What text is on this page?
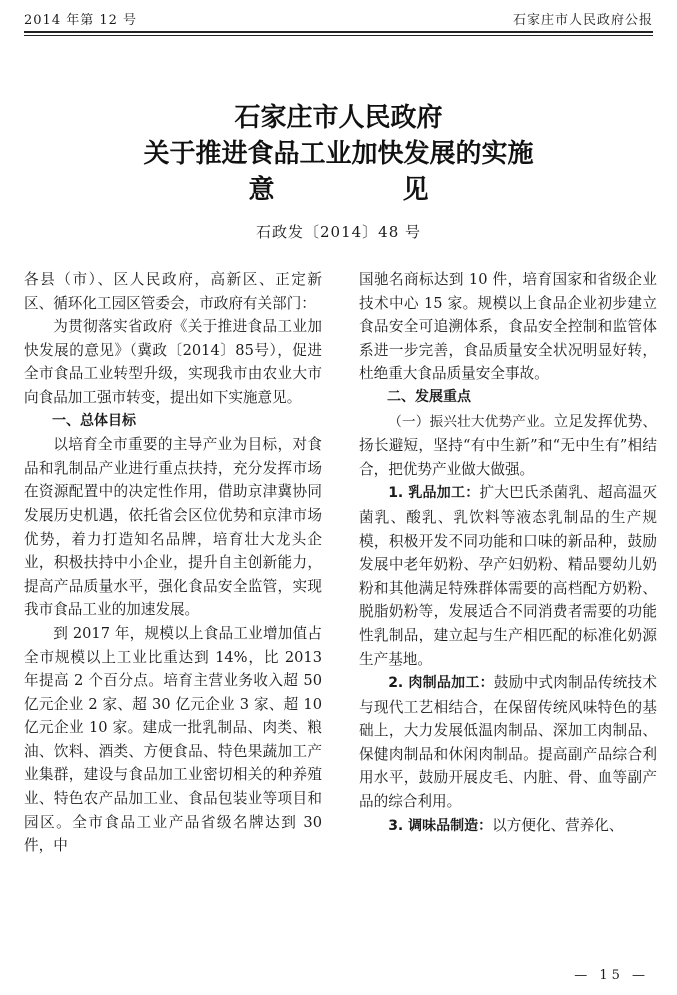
2014 年第 12 号	石家庄市人民政府公报
石家庄市人民政府
关于推进食品工业加快发展的实施
意见
石政发〔2014〕48 号

各县（市）、区人民政府，高新区、正定新区、循环化工园区管委会，市政府有关部门：

为贯彻落实省政府《关于推进食品工业加快发展的意见》（冀政〔2014〕85号），促进全市食品工业转型升级，实现我市由农业大市向食品加工强市转变，提出如下实施意见。

一、总体目标

以培育全市重要的主导产业为目标，对食品和乳制品产业进行重点扶持，充分发挥市场在资源配置中的决定性作用，借助京津冀协同发展历史机遇，依托省会区位优势和京津市场优势，着力打造知名品牌，培育壮大龙头企业，积极扶持中小企业，提升自主创新能力，提高产品质量水平，强化食品安全监管，实现我市食品工业的加速发展。

到 2017 年，规模以上食品工业增加值占全市规模以上工业比重达到 14%，比 2013 年提高 2 个百分点。培育主营业务收入超 50 亿元企业 2 家、超 30 亿元企业 3 家、超 10 亿元企业 10 家。建成一批乳制品、肉类、粮油、饮料、酒类、方便食品、特色果蔬加工产业集群，建设与食品加工业密切相关的种养殖业、特色农产品加工业、食品包装业等项目和园区。全市食品工业产品省级名牌达到 30 件，中

国驰名商标达到 10 件，培育国家和省级企业技术中心 15 家。规模以上食品企业初步建立食品安全可追溯体系，食品安全控制和监管体系进一步完善，食品质量安全状况明显好转，杜绝重大食品质量安全事故。

二、发展重点

（一）振兴壮大优势产业。立足发挥优势、扬长避短，坚持“有中生新”和“无中生有”相结合，把优势产业做大做强。

1. 乳品加工：扩大巴氏杀菌乳、超高温灭菌乳、酸乳、乳饮料等液态乳制品的生产规模，积极开发不同功能和口味的新品种，鼓励发展中老年奶粉、孕产妇奶粉、精品婴幼儿奶粉和其他满足特殊群体需要的高档配方奶粉、脱脂奶粉等，发展适合不同消费者需要的功能性乳制品，建立起与生产相匹配的标准化奶源生产基地。

2. 肉制品加工：鼓励中式肉制品传统技术与现代工艺相结合，在保留传统风味特色的基础上，大力发展低温肉制品、深加工肉制品、保健肉制品和休闲肉制品。提高副产品综合利用水平，鼓励开展皮毛、内脏、骨、血等副产品的综合利用。

3. 调味品制造：以方便化、营养化、

— 15 —
